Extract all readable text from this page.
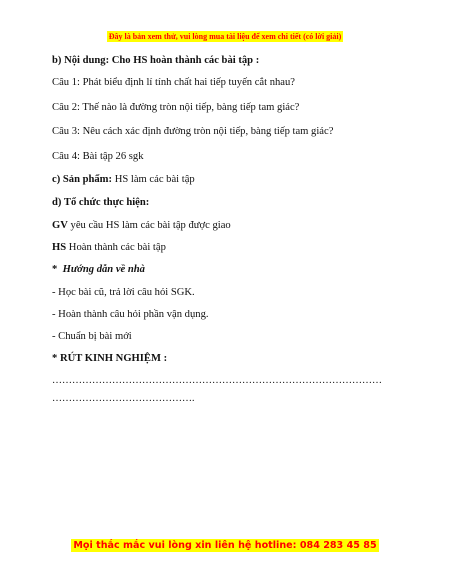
Đây là bản xem thử, vui lòng mua tài liệu để xem chi tiết (có lời giải)
b) Nội dung: Cho HS hoàn thành các bài tập :
Câu 1: Phát biểu định lí tính chất hai tiếp tuyến cắt nhau?
Câu 2: Thế nào là đường tròn nội tiếp, bàng tiếp tam giác?
Câu 3: Nêu cách xác định đường tròn nội tiếp, bàng tiếp tam giác?
Câu 4: Bài tập 26 sgk
c) Sản phẩm: HS làm các bài tập
d) Tổ chức thực hiện:
GV yêu cầu HS làm các bài tập được giao
HS Hoàn thành các bài tập
* Hướng dẫn về nhà
- Học bài cũ, trả lời câu hỏi SGK.
- Hoàn thành câu hỏi phần vận dụng.
- Chuẩn bị bài mới
* RÚT KINH NGHIỆM :
………………………………………………………………………………………
…………………………………….
Mọi thắc mắc vui lòng xin liên hệ hotline: 084 283 45 85
